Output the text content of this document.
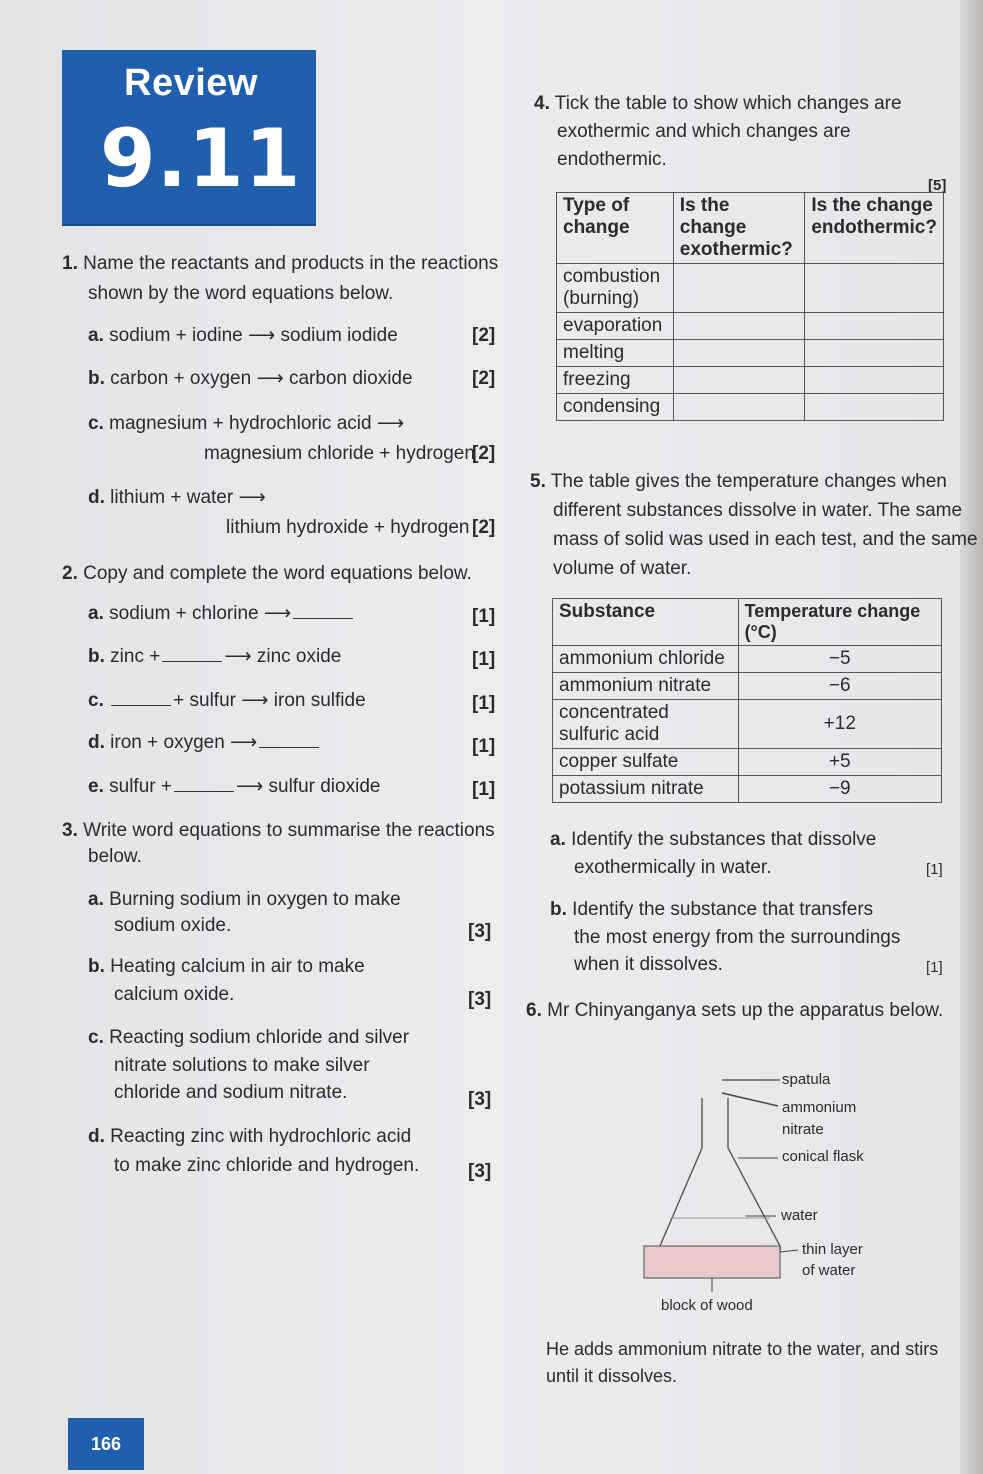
Review
9.11
1. Name the reactants and products in the reactions
shown by the word equations below.
a. sodium + iodine ⟶ sodium iodide	[2]
b. carbon + oxygen ⟶ carbon dioxide	[2]
c. magnesium + hydrochloric acid ⟶
magnesium chloride + hydrogen
[2]
d. lithium + water ⟶
lithium hydroxide + hydrogen [2]
2. Copy and complete the word equations below.
a. sodium + chlorine ⟶	[1]
b. zinc +	⟶ zinc oxide	[1]
c.	+ sulfur ⟶ iron sulfide	[1]
d. iron + oxygen ⟶	[1]
e. sulfur +	⟶ sulfur dioxide	[1]
3. Write word equations to summarise the reactions
below.
a. Burning sodium in oxygen to make
sodium oxide.	[3]
b. Heating calcium in air to make
calcium oxide.	[3]
c. Reacting sodium chloride and silver
nitrate solutions to make silver
chloride and sodium nitrate.	[3]
d. Reacting zinc with hydrochloric acid
to make zinc chloride and hydrogen.	[3]
4. Tick the table to show which changes are
exothermic and which changes are
endothermic.
[5]
Type of change	Is the change exothermic?	Is the change endothermic?
combustion (burning)		
evaporation		
melting		
freezing		
condensing		
5. The table gives the temperature changes when
different substances dissolve in water. The same
mass of solid was used in each test, and the same
volume of water.
Substance	Temperature change (°C)
ammonium chloride	−5
ammonium nitrate	−6
concentrated sulfuric acid	+12
copper sulfate	+5
potassium nitrate	−9
a. Identify the substances that dissolve
exothermically in water.	[1]
b. Identify the substance that transfers
the most energy from the surroundings
when it dissolves.	[1]
6. Mr Chinyanganya sets up the apparatus below.
spatula
ammonium
nitrate
conical flask
water
thin layer
of water
block of wood
He adds ammonium nitrate to the water, and stirs
until it dissolves.
166
